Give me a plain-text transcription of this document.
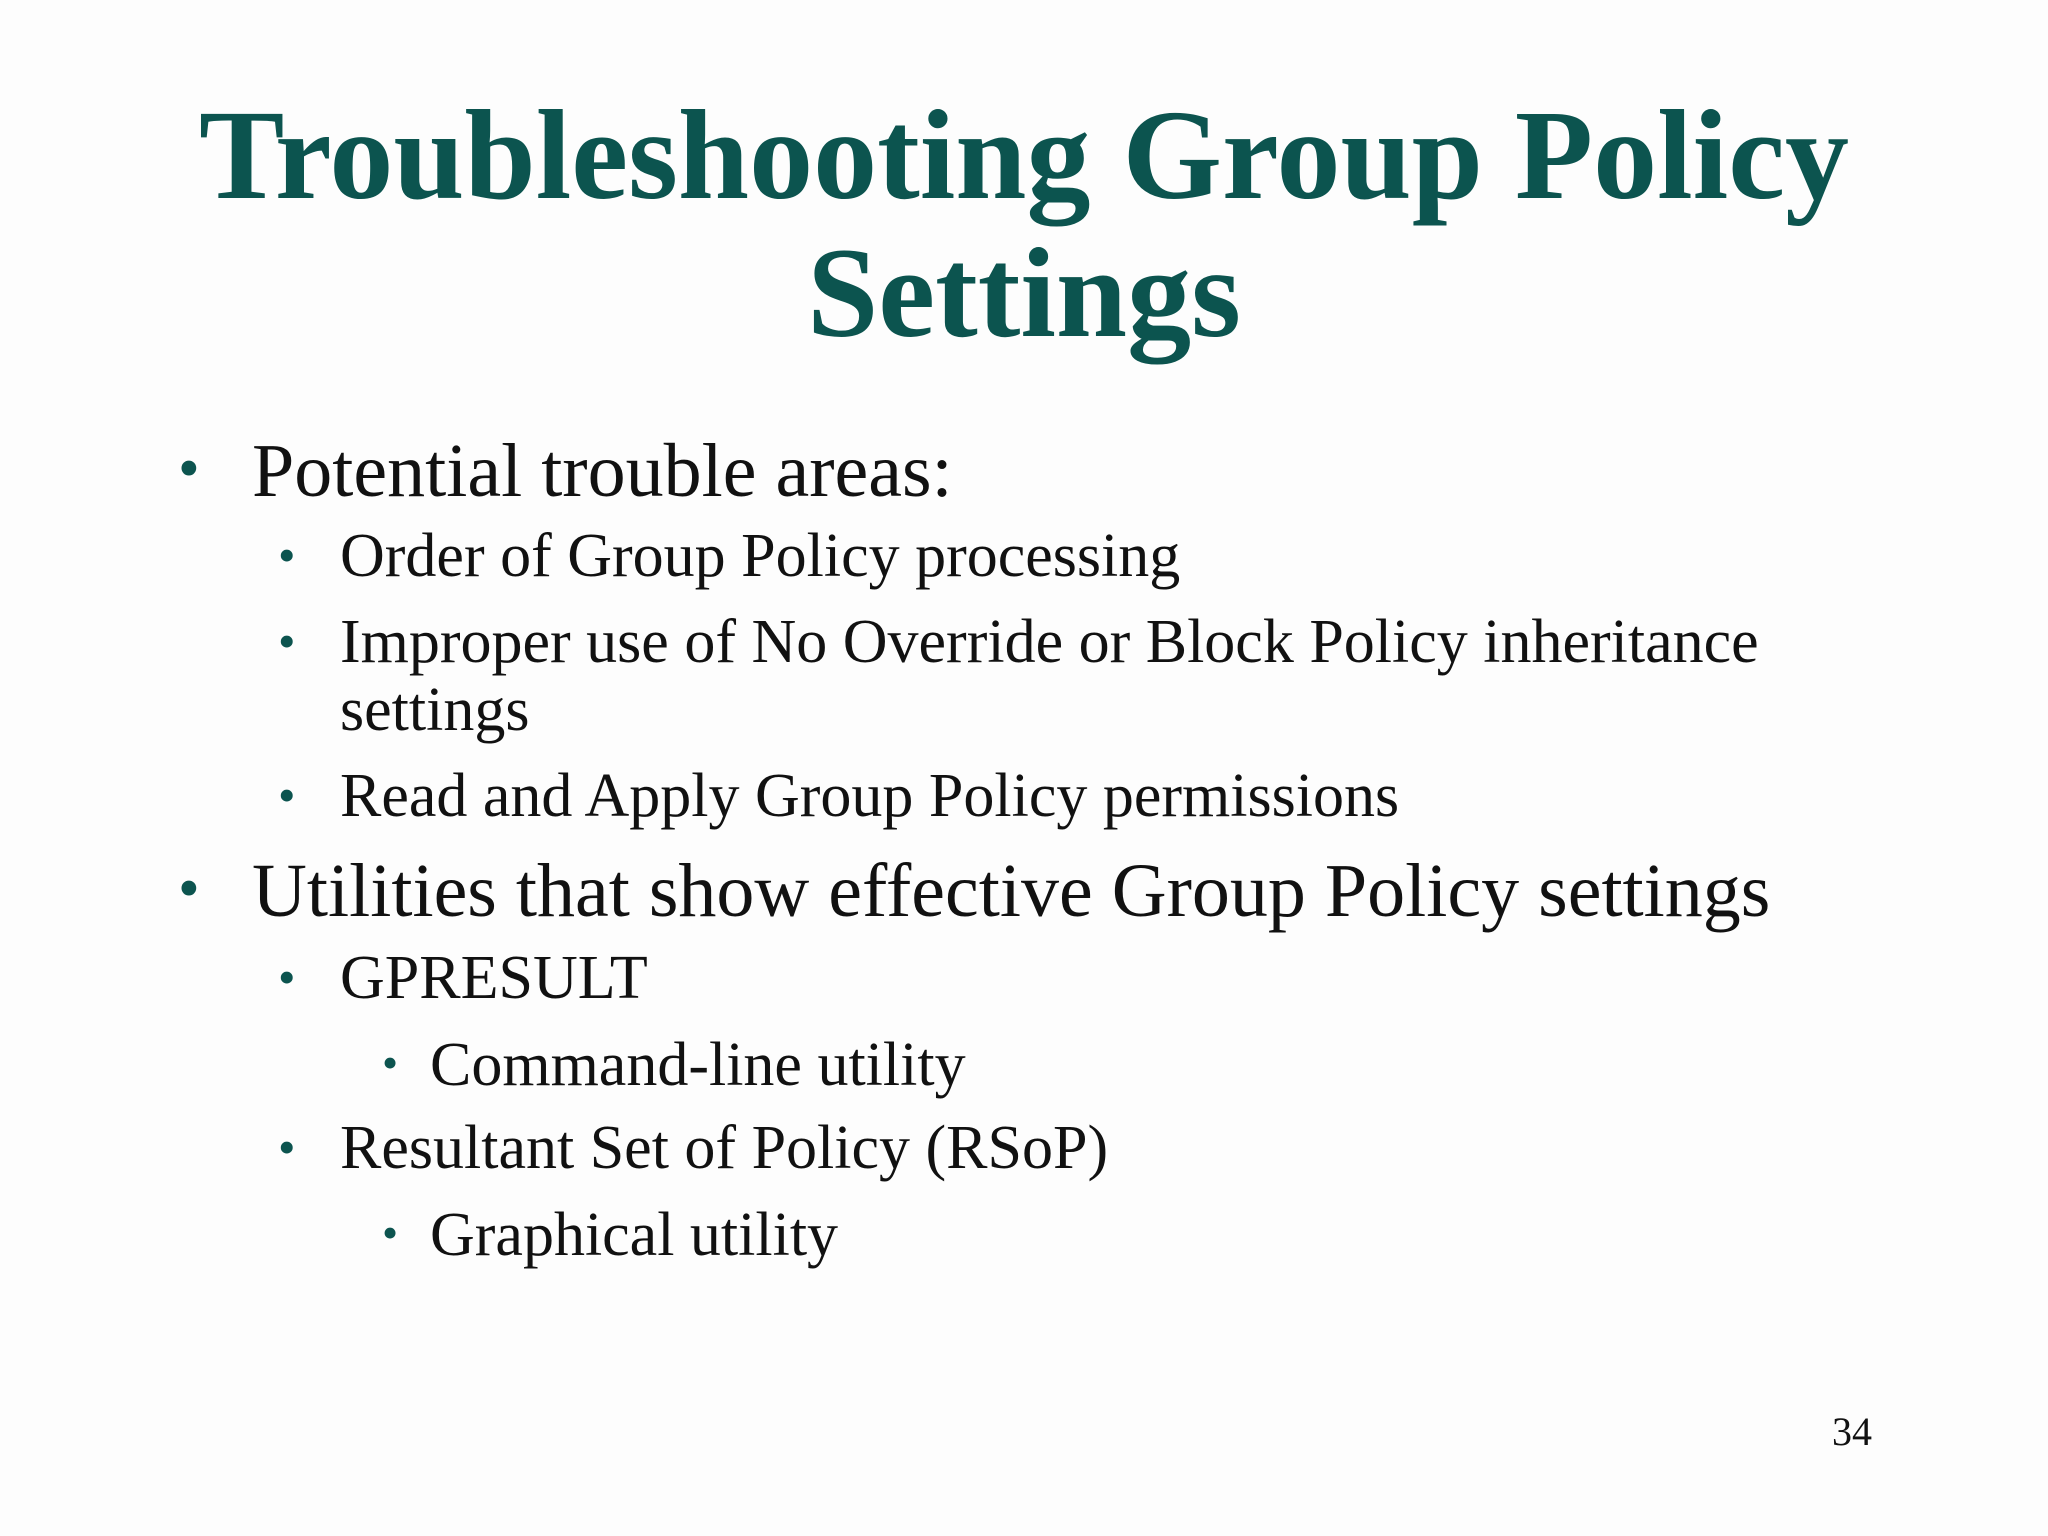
Troubleshooting Group Policy
Settings
• Potential trouble areas:
• Order of Group Policy processing
• Improper use of No Override or Block Policy inheritance
settings
• Read and Apply Group Policy permissions
• Utilities that show effective Group Policy settings
• GPRESULT
• Command-line utility
• Resultant Set of Policy (RSoP)
• Graphical utility
34
